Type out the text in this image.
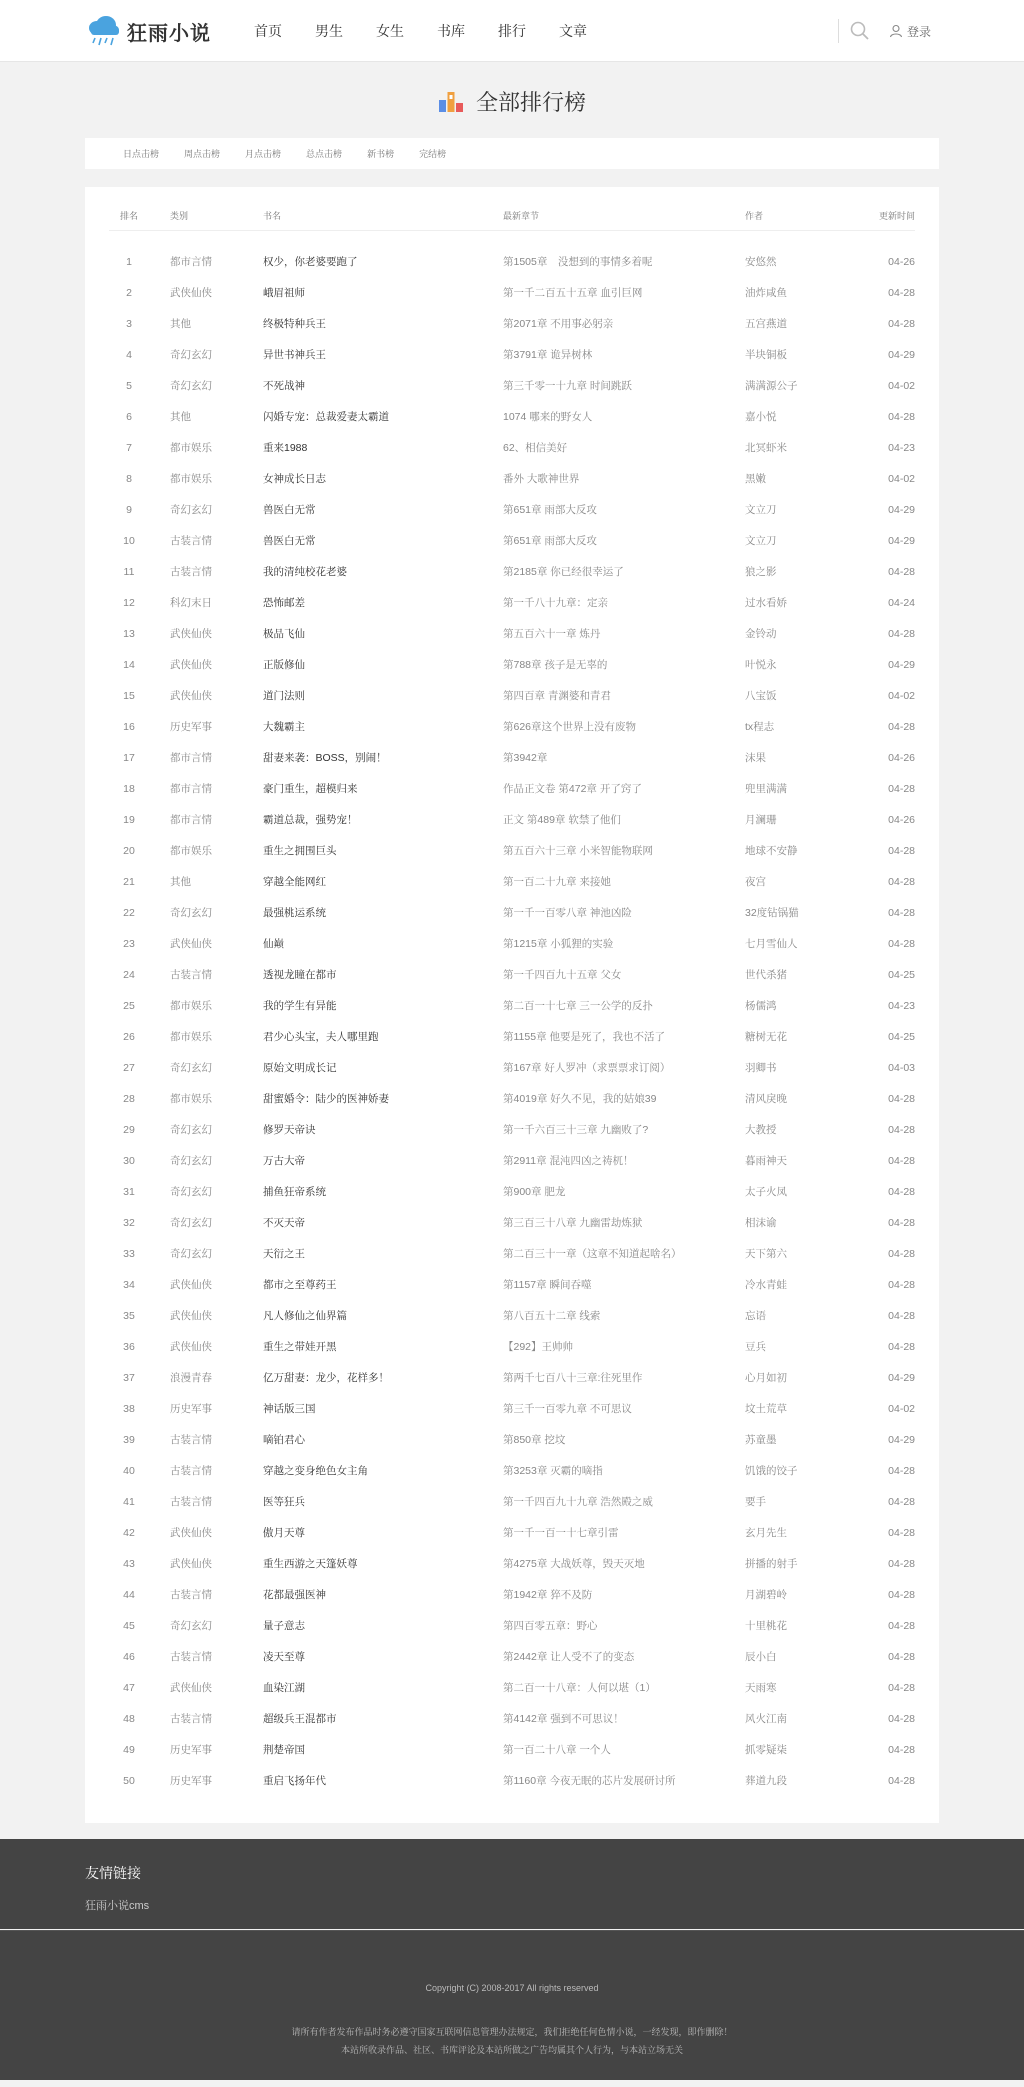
狂雨小说	首页 男生 女生 书库 排行 文章	登录
全部排行榜
日点击榜	周点击榜	月点击榜	总点击榜	新书榜	完结榜
排名	类别	书名	最新章节	作者	更新时间
1	都市言情	权少，你老婆要跑了	第1505章　没想到的事情多着呢	安悠然	04-26
2	武侠仙侠	峨眉祖师	第一千二百五十五章 血引巨网	油炸咸鱼	04-28
3	其他	终极特种兵王	第2071章 不用事必躬亲	五宫燕道	04-28
4	奇幻玄幻	异世书神兵王	第3791章 诡异树林	半块铜板	04-29
5	奇幻玄幻	不死战神	第三千零一十九章 时间跳跃	满满源公子	04-02
6	其他	闪婚专宠：总裁爱妻太霸道	1074 哪来的野女人	嘉小悦	04-28
7	都市娱乐	重来1988	62、相信美好	北冥虾米	04-23
8	都市娱乐	女神成长日志	番外 大歌神世界	黑嫩	04-02
9	奇幻玄幻	兽医白无常	第651章 雨部大反攻	文立刀	04-29
10	古装言情	兽医白无常	第651章 雨部大反攻	文立刀	04-29
11	古装言情	我的清纯校花老婆	第2185章 你已经很幸运了	狼之影	04-28
12	科幻末日	恐怖邮差	第一千八十九章：定亲	过水看娇	04-24
13	武侠仙侠	极品飞仙	第五百六十一章 炼丹	金铃动	04-28
14	武侠仙侠	正版修仙	第788章 孩子是无辜的	叶悦永	04-29
15	武侠仙侠	道门法则	第四百章 青渊婆和青君	八宝饭	04-02
16	历史军事	大魏霸主	第626章这个世界上没有废物	tx程志	04-28
17	都市言情	甜妻来袭：BOSS，别闹！	第3942章	沫果	04-26
18	都市言情	豪门重生，超模归来	作品正文卷 第472章 开了窍了	兜里满满	04-28
19	都市言情	霸道总裁，强势宠！	正文 第489章 软禁了他们	月澜珊	04-26
20	都市娱乐	重生之拥围巨头	第五百六十三章 小米智能物联网	地球不安静	04-28
21	其他	穿越全能网红	第一百二十九章 来接她	夜宫	04-28
22	奇幻玄幻	最强桃运系统	第一千一百零八章 神池凶险	32度钻锅猫	04-28
23	武侠仙侠	仙巅	第1215章 小狐狸的实验	七月雪仙人	04-28
24	古装言情	透视龙瞳在都市	第一千四百九十五章 父女	世代杀猪	04-25
25	都市娱乐	我的学生有异能	第二百一十七章 三一公学的反扑	杨儒鸿	04-23
26	都市娱乐	君少心头宝，夫人哪里跑	第1155章 他要是死了，我也不活了	糖树无花	04-25
27	奇幻玄幻	原始文明成长记	第167章 好人罗冲（求票票求订阅）	羽卿书	04-03
28	都市娱乐	甜蜜婚令：陆少的医神娇妻	第4019章 好久不见，我的姑娘39	清风戾晚	04-28
29	奇幻玄幻	修罗天帝诀	第一千六百三十三章 九幽败了?	大教授	04-28
30	奇幻玄幻	万古大帝	第2911章 混沌四凶之祷杌！	暮雨神天	04-28
31	奇幻玄幻	捕鱼狂帝系统	第900章 肥龙	太子火凤	04-28
32	奇幻玄幻	不灭天帝	第三百三十八章 九幽雷劫炼狱	相沫谕	04-28
33	奇幻玄幻	天衍之王	第二百三十一章（这章不知道起啥名）	天下第六	04-28
34	武侠仙侠	都市之至尊药王	第1157章 瞬间吞噬	冷水青蛙	04-28
35	武侠仙侠	凡人修仙之仙界篇	第八百五十二章 线索	忘语	04-28
36	武侠仙侠	重生之带娃开黑	【292】王帅帅	豆兵	04-28
37	浪漫青春	亿万甜妻：龙少，花样多！	第两千七百八十三章:往死里作	心月如初	04-29
38	历史军事	神话版三国	第三千一百零九章 不可思议	坟土荒草	04-02
39	古装言情	嘀铂君心	第850章 挖坟	苏童墨	04-29
40	古装言情	穿越之变身绝色女主角	第3253章 灭霸的嘀指	饥饿的饺子	04-28
41	古装言情	医等狂兵	第一千四百九十九章 浩然殿之威	要手	04-28
42	武侠仙侠	傲月天尊	第一千一百一十七章引雷	玄月先生	04-28
43	武侠仙侠	重生西游之天篷妖尊	第4275章 大战妖尊，毁天灭地	拼播的射手	04-28
44	古装言情	花都最强医神	第1942章 猝不及防	月湖碧岭	04-28
45	奇幻玄幻	量子意志	第四百零五章：野心	十里桃花	04-28
46	古装言情	凌天至尊	第2442章 让人受不了的变态	辰小白	04-28
47	武侠仙侠	血染江湖	第二百一十八章：人何以堪（1）	天雨寒	04-28
48	古装言情	超级兵王混都市	第4142章 强到不可思议！	风火江南	04-28
49	历史军事	荆楚帝国	第一百二十八章 一个人	抓零疑柒	04-28
50	历史军事	重启飞扬年代	第1160章 今夜无眠的芯片发展研讨所	葬道九段	04-28
友情链接
狂雨小说cms
Copyright (C) 2008-2017 All rights reserved
请所有作者发布作品时务必遵守国家互联网信息管理办法规定，我们拒绝任何色情小说，一经发现，即作删除！
本站所收录作品、社区、书库评论及本站所做之广告均属其个人行为，与本站立场无关
